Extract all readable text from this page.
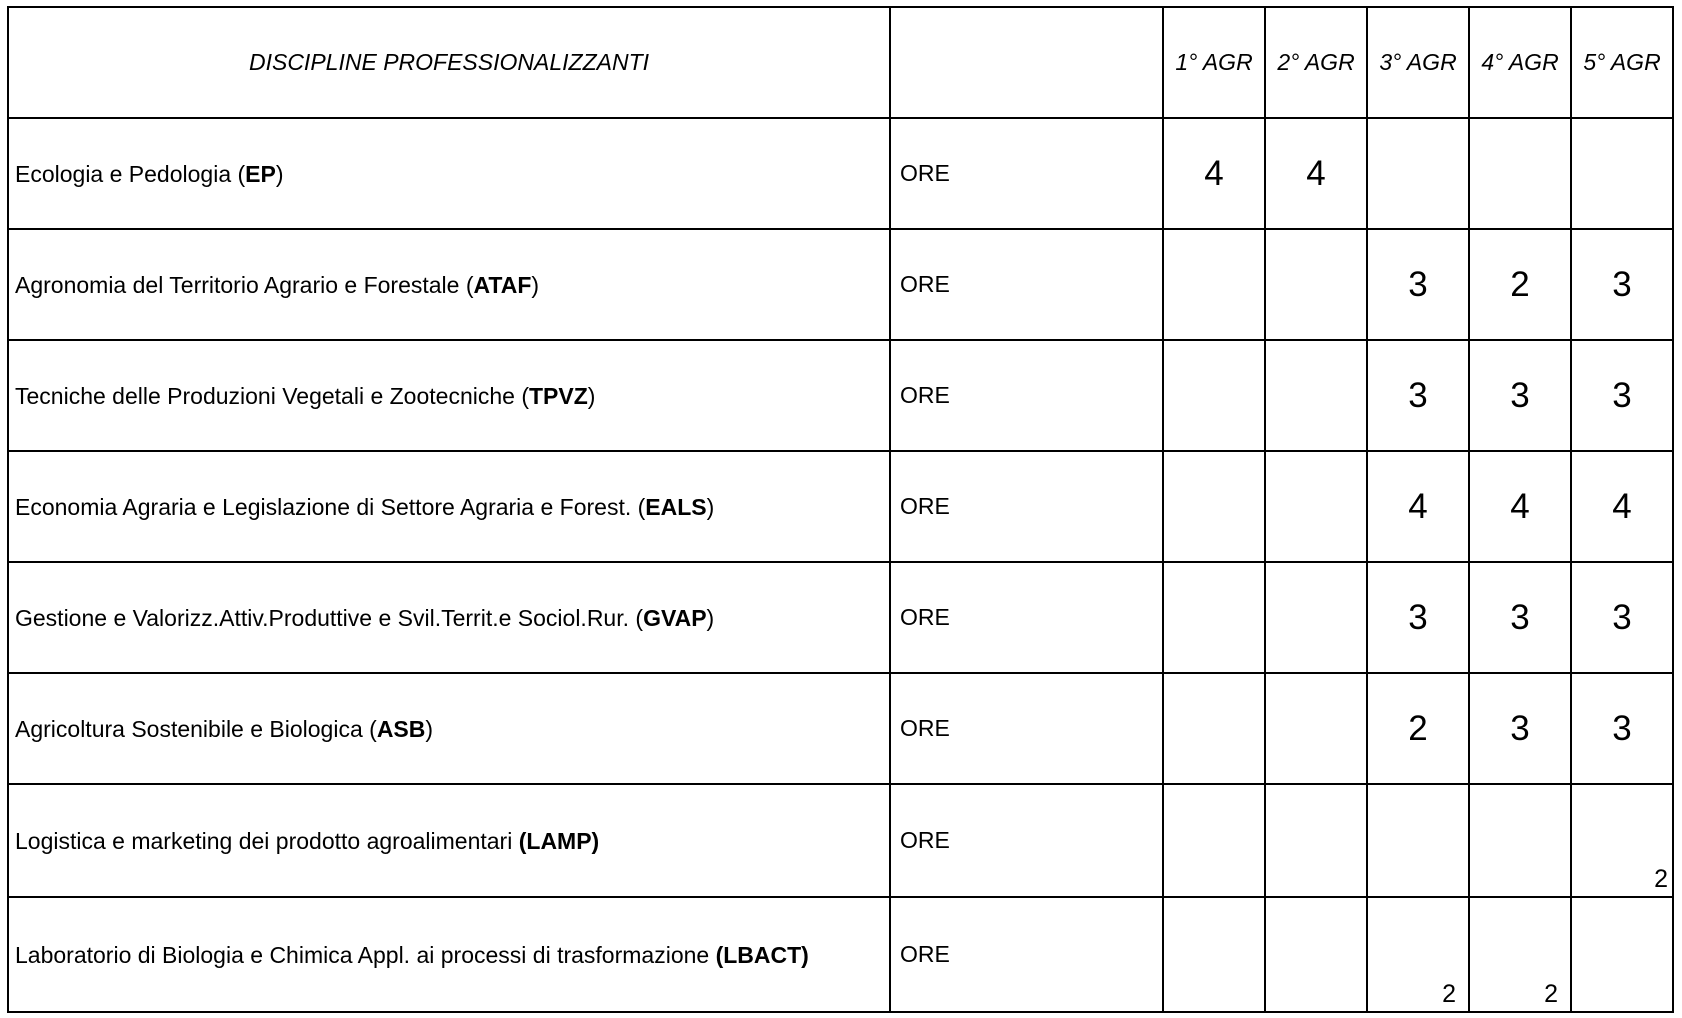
DISCIPLINE PROFESSIONALIZZANTI		1° AGR	2° AGR	3° AGR	4° AGR	5° AGR
Ecologia e Pedologia (EP)	ORE	4	4			
Agronomia del Territorio Agrario e Forestale (ATAF)	ORE			3	2	3
Tecniche delle Produzioni Vegetali e Zootecniche (TPVZ)	ORE			3	3	3
Economia Agraria e Legislazione di Settore Agraria e Forest. (EALS)	ORE			4	4	4
Gestione e Valorizz.Attiv.Produttive e Svil.Territ.e Sociol.Rur. (GVAP)	ORE			3	3	3
Agricoltura Sostenibile e Biologica (ASB)	ORE			2	3	3
Logistica e marketing dei prodotto agroalimentari (LAMP)	ORE					2
Laboratorio di Biologia e Chimica Appl. ai processi di trasformazione (LBACT)	ORE			2	2	
